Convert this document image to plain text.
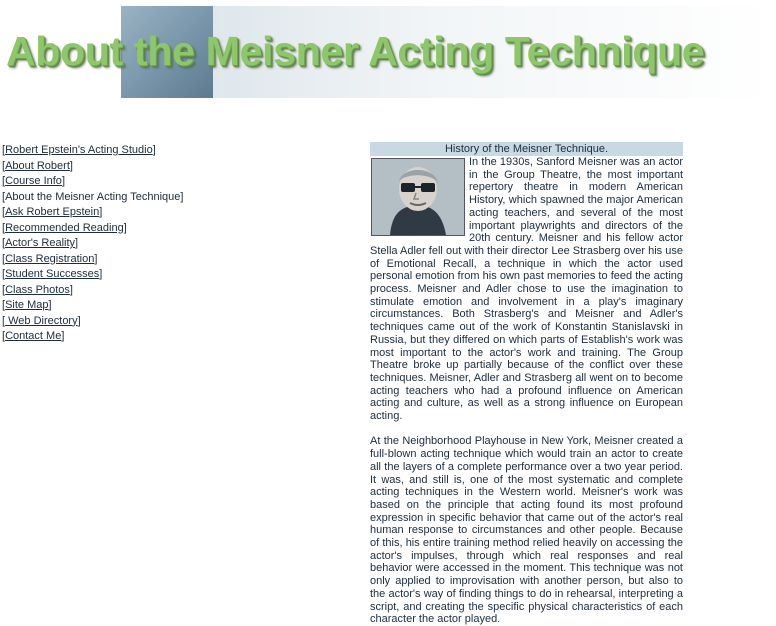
About the Meisner Acting Technique
[Robert Epstein's Acting Studio]
[About Robert]
[Course Info]
[About the Meisner Acting Technique]
[Ask Robert Epstein]
[Recommended Reading]
[Actor's Reality]
[Class Registration]
[Student Successes]
[Class Photos]
[Site Map]
[ Web Directory]
[Contact Me]
History of the Meisner Technique.

In the 1930s, Sanford Meisner was an actor in the Group Theatre, the most important repertory theatre in modern American History, which spawned the major American acting teachers, and several of the most important playwrights and directors of the 20th century. Meisner and his fellow actor Stella Adler fell out with their director Lee Strasberg over his use of Emotional Recall, a technique in which the actor used personal emotion from his own past memories to feed the acting process. Meisner and Adler chose to use the imagination to stimulate emotion and involvement in a play's imaginary circumstances. Both Strasberg's and Meisner and Adler's techniques came out of the work of Konstantin Stanislavski in Russia, but they differed on which parts of Establish's work was most important to the actor's work and training. The Group Theatre broke up partially because of the conflict over these techniques. Meisner, Adler and Strasberg all went on to become acting teachers who had a profound influence on American acting and culture, as well as a strong influence on European acting.

At the Neighborhood Playhouse in New York, Meisner created a full-blown acting technique which would train an actor to create all the layers of a complete performance over a two year period. It was, and still is, one of the most systematic and complete acting techniques in the Western world. Meisner's work was based on the principle that acting found its most profound expression in specific behavior that came out of the actor's real human response to circumstances and other people. Because of this, his entire training method relied heavily on accessing the actor's impulses, through which real responses and real behavior were accessed in the moment. This technique was not only applied to improvisation with another person, but also to the actor's way of finding things to do in rehearsal, interpreting a script, and creating the specific physical characteristics of each character the actor played.
